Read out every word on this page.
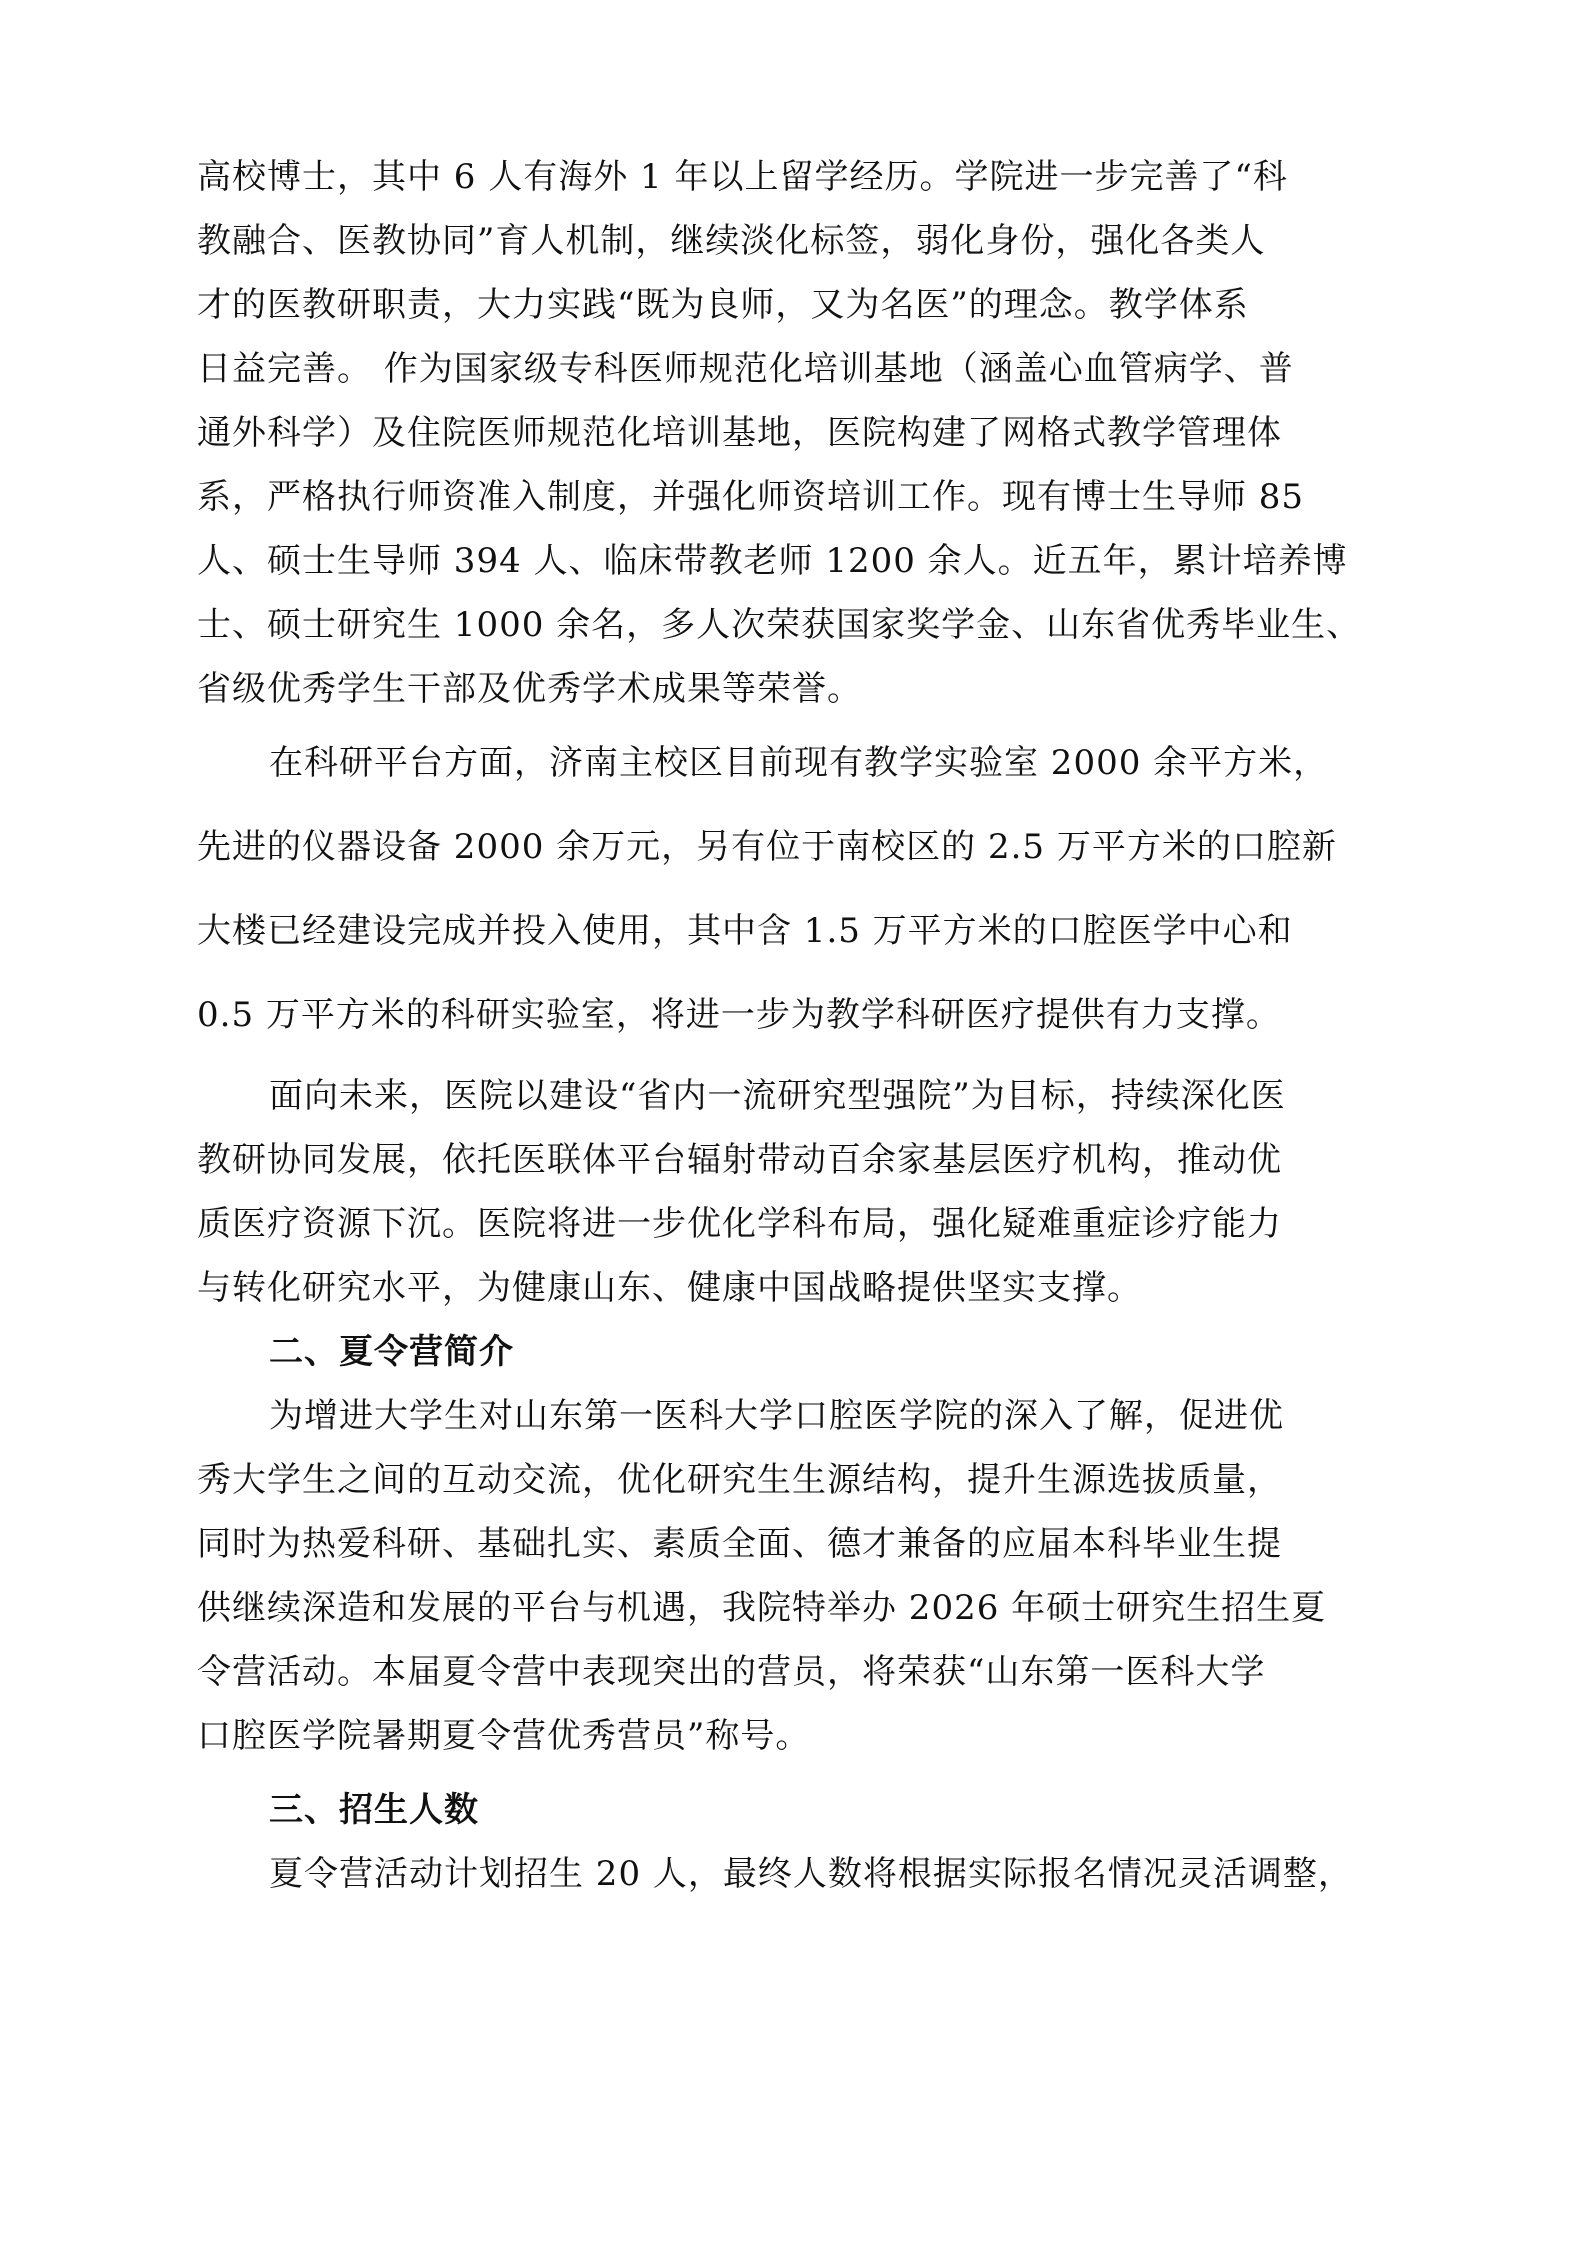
高校博士，其中 6 人有海外 1 年以上留学经历。学院进一步完善了“科
教融合、医教协同”育人机制，继续淡化标签，弱化身份，强化各类人
才的医教研职责，大力实践“既为良师，又为名医”的理念。教学体系
日益完善。 作为国家级专科医师规范化培训基地（涵盖心血管病学、普
通外科学）及住院医师规范化培训基地，医院构建了网格式教学管理体
系，严格执行师资准入制度，并强化师资培训工作。现有博士生导师 85
人、硕士生导师 394 人、临床带教老师 1200 余人。近五年，累计培养博
士、硕士研究生 1000 余名，多人次荣获国家奖学金、山东省优秀毕业生、
省级优秀学生干部及优秀学术成果等荣誉。
在科研平台方面，济南主校区目前现有教学实验室 2000 余平方米，
先进的仪器设备 2000 余万元，另有位于南校区的 2.5 万平方米的口腔新
大楼已经建设完成并投入使用，其中含 1.5 万平方米的口腔医学中心和
0.5 万平方米的科研实验室，将进一步为教学科研医疗提供有力支撑。
面向未来，医院以建设“省内一流研究型强院”为目标，持续深化医
教研协同发展，依托医联体平台辐射带动百余家基层医疗机构，推动优
质医疗资源下沉。医院将进一步优化学科布局，强化疑难重症诊疗能力
与转化研究水平，为健康山东、健康中国战略提供坚实支撑。
二、夏令营简介
为增进大学生对山东第一医科大学口腔医学院的深入了解，促进优
秀大学生之间的互动交流，优化研究生生源结构，提升生源选拔质量，
同时为热爱科研、基础扎实、素质全面、德才兼备的应届本科毕业生提
供继续深造和发展的平台与机遇，我院特举办 2026 年硕士研究生招生夏
令营活动。本届夏令营中表现突出的营员，将荣获“山东第一医科大学
口腔医学院暑期夏令营优秀营员”称号。
三、招生人数
夏令营活动计划招生 20 人，最终人数将根据实际报名情况灵活调整，
